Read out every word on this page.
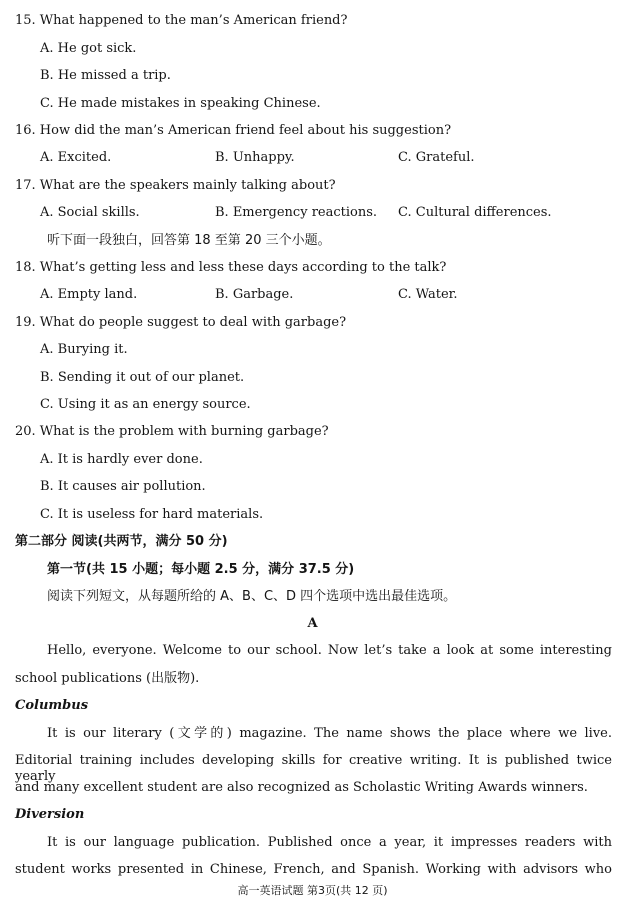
15. What happened to the man’s American friend?
A. He got sick.
B. He missed a trip.
C. He made mistakes in speaking Chinese.
16. How did the man’s American friend feel about his suggestion?
A. Excited.	B. Unhappy.	C. Grateful.
17. What are the speakers mainly talking about?
A. Social skills.	B. Emergency reactions. C. Cultural differences.
听下面一段独白，回答第 18 至第 20 三个小题。
18. What’s getting less and less these days according to the talk?
A. Empty land.	B. Garbage.	C. Water.
19. What do people suggest to deal with garbage?
A. Burying it.
B. Sending it out of our planet.
C. Using it as an energy source.
20. What is the problem with burning garbage?
A. It is hardly ever done.
B. It causes air pollution.
C. It is useless for hard materials.
第二部分 阅读(共两节，满分 50 分)
第一节(共 15 小题；每小题 2.5 分，满分 37.5 分)
阅读下列短文，从每题所给的 A、B、C、D 四个选项中选出最佳选项。
A
Hello, everyone. Welcome to our school. Now let’s take a look at some interesting
school publications (出版物).
Columbus
It is our literary (文学的) magazine. The name shows the place where we live.
Editorial training includes developing skills for creative writing. It is published twice yearly
and many excellent student are also recognized as Scholastic Writing Awards winners.
Diversion
It is our language publication. Published once a year, it impresses readers with
student works presented in Chinese, French, and Spanish. Working with advisors who
高一英语试题 第3页(共 12 页)
